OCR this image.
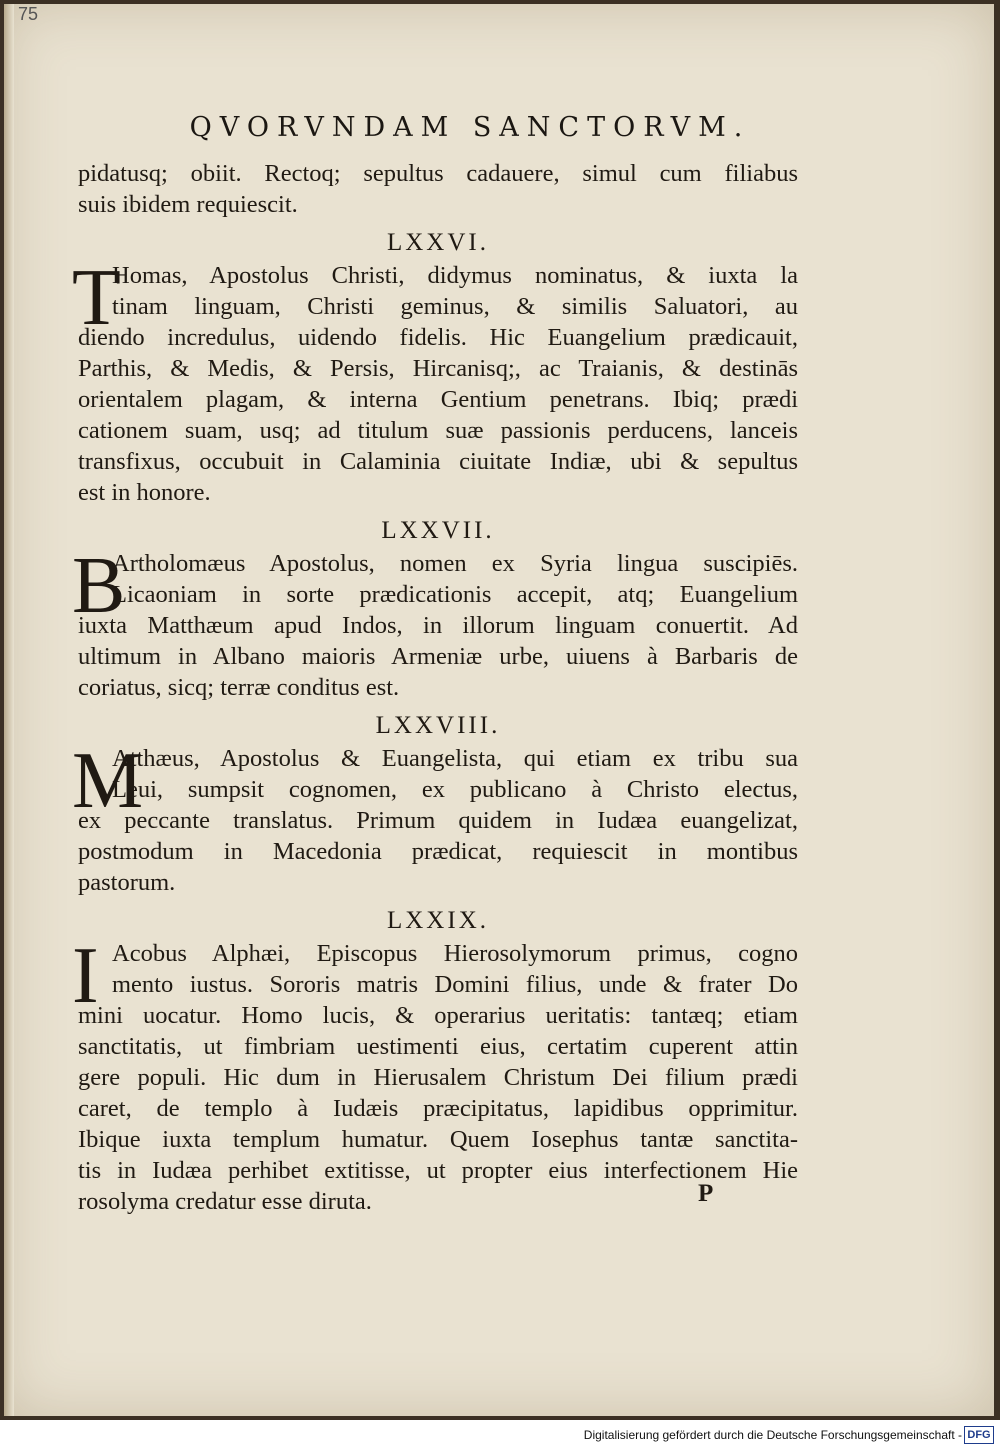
75
QVORVNDAM SANCTORVM.
pidatusq; obiit. Rectoq; sepultus cadauere, simul cum filiabus
suis ibidem requiescit.
LXXVI.
T
Homas, Apostolus Christi, didymus nominatus, & iuxta la
tinam linguam, Christi geminus, & similis Saluatori, au
diendo incredulus, uidendo fidelis. Hic Euangelium prædicauit,
Parthis, & Medis, & Persis, Hircanisq;, ac Traianis, & destinās
orientalem plagam, & interna Gentium penetrans. Ibiq; prædi
cationem suam, usq; ad titulum suæ passionis perducens, lanceis
transfixus, occubuit in Calaminia ciuitate Indiæ, ubi & sepultus
est in honore.
LXXVII.
B
Artholomæus Apostolus, nomen ex Syria lingua suscipiēs.
Licaoniam in sorte prædicationis accepit, atq; Euangelium
iuxta Matthæum apud Indos, in illorum linguam conuertit. Ad
ultimum in Albano maioris Armeniæ urbe, uiuens à Barbaris de
coriatus, sicq; terræ conditus est.
LXXVIII.
M
Atthæus, Apostolus & Euangelista, qui etiam ex tribu sua
Leui, sumpsit cognomen, ex publicano à Christo electus,
ex peccante translatus. Primum quidem in Iudæa euangelizat,
postmodum in Macedonia prædicat, requiescit in montibus
pastorum.
LXXIX.
I Acobus Alphæi, Episcopus Hierosolymorum primus, cogno
mento iustus. Sororis matris Domini filius, unde & frater Do
mini uocatur. Homo lucis, & operarius ueritatis: tantæq; etiam
sanctitatis, ut fimbriam uestimenti eius, certatim cuperent attin
gere populi. Hic dum in Hierusalem Christum Dei filium prædi
caret, de templo à Iudæis præcipitatus, lapidibus opprimitur.
Ibique iuxta templum humatur. Quem Iosephus tantæ sanctita-
tis in Iudæa perhibet extitisse, ut propter eius interfectionem Hie
rosolyma credatur esse diruta.	P
Digitalisierung gefördert durch die Deutsche Forschungsgemeinschaft - DFG
